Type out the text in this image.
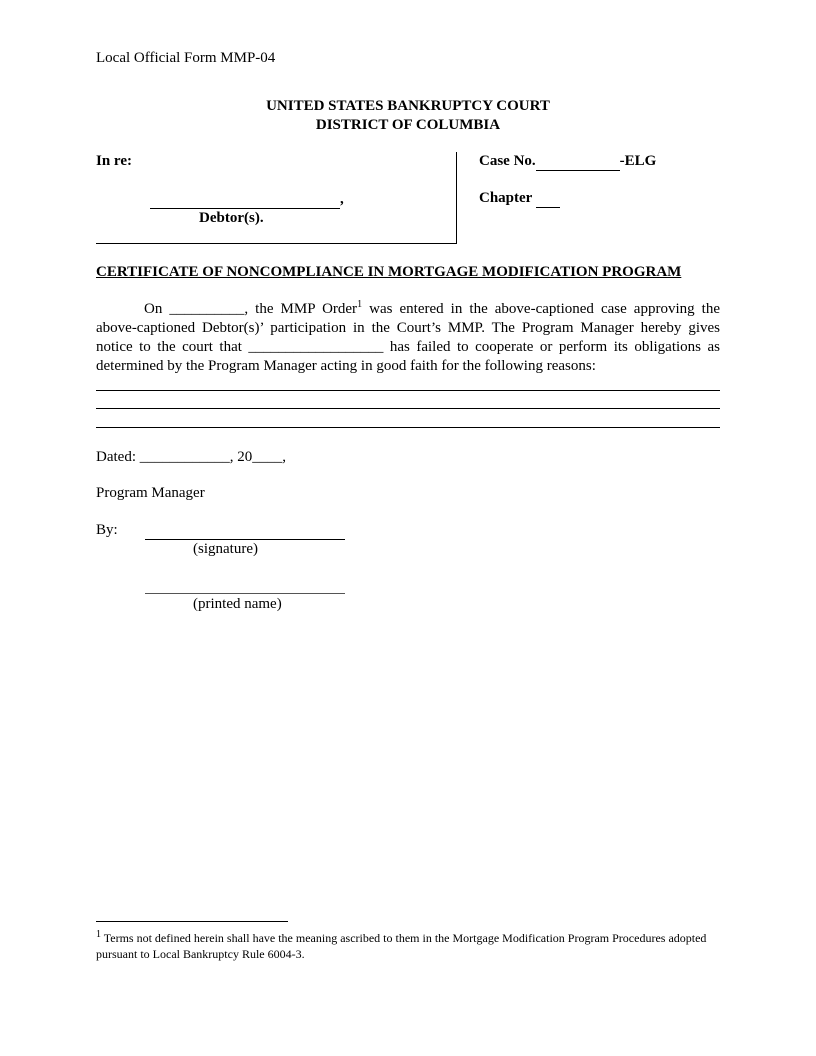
Local Official Form MMP-04
UNITED STATES BANKRUPTCY COURT
DISTRICT OF COLUMBIA
In re:
,
Debtor(s).
Case No.	-ELG
Chapter
CERTIFICATE OF NONCOMPLIANCE IN MORTGAGE MODIFICATION PROGRAM
On __________, the MMP Order$^1$ was entered in the above-captioned case approving the above-captioned Debtor(s)’ participation in the Court’s MMP. The Program Manager hereby gives notice to the court that __________________ has failed to cooperate or perform its obligations as determined by the Program Manager acting in good faith for the following reasons:
Dated: ____________, 20____,
Program Manager
By:
(signature)
(printed name)
$^1$ Terms not defined herein shall have the meaning ascribed to them in the Mortgage Modification Program Procedures adopted pursuant to Local Bankruptcy Rule 6004-3.
